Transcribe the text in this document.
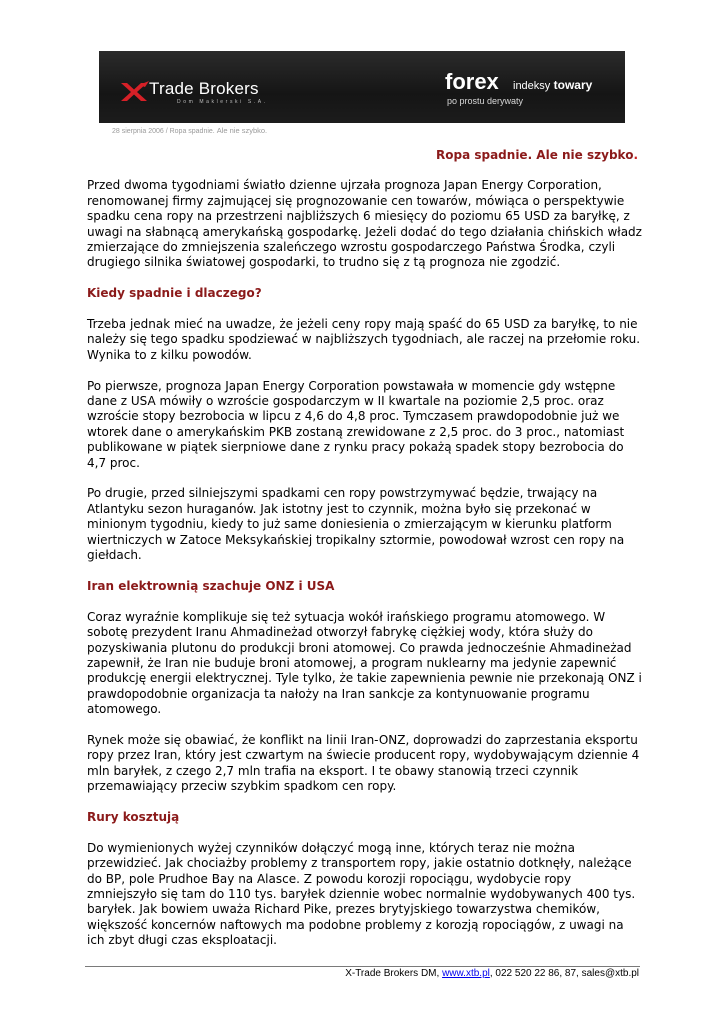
Trade Brokers
Dom Maklerski S.A.
forex indeksy towary
po prostu derywaty
28 sierpnia 2006 / Ropa spadnie. Ale nie szybko.
Ropa spadnie. Ale nie szybko.

Przed dwoma tygodniami światło dzienne ujrzała prognoza Japan Energy Corporation, renomowanej firmy zajmującej się prognozowanie cen towarów, mówiąca o perspektywie spadku cena ropy na przestrzeni najbliższych 6 miesięcy do poziomu 65 USD za baryłkę, z uwagi na słabnącą amerykańską gospodarkę. Jeżeli dodać do tego działania chińskich władz zmierzające do zmniejszenia szaleńczego wzrostu gospodarczego Państwa Środka, czyli drugiego silnika światowej gospodarki, to trudno się z tą prognoza nie zgodzić.

Kiedy spadnie i dlaczego?

Trzeba jednak mieć na uwadze, że jeżeli ceny ropy mają spaść do 65 USD za baryłkę, to nie należy się tego spadku spodziewać w najbliższych tygodniach, ale raczej na przełomie roku. Wynika to z kilku powodów.

Po pierwsze, prognoza Japan Energy Corporation powstawała w momencie gdy wstępne dane z USA mówiły o wzroście gospodarczym w II kwartale na poziomie 2,5 proc. oraz wzroście stopy bezrobocia w lipcu z 4,6 do 4,8 proc. Tymczasem prawdopodobnie już we wtorek dane o amerykańskim PKB zostaną zrewidowane z 2,5 proc. do 3 proc., natomiast publikowane w piątek sierpniowe dane z rynku pracy pokażą spadek stopy bezrobocia do 4,7 proc.

Po drugie, przed silniejszymi spadkami cen ropy powstrzymywać będzie, trwający na Atlantyku sezon huraganów. Jak istotny jest to czynnik, można było się przekonać w minionym tygodniu, kiedy to już same doniesienia o zmierzającym w kierunku platform wiertniczych w Zatoce Meksykańskiej tropikalny sztormie, powodował wzrost cen ropy na giełdach.

Iran elektrownią szachuje ONZ i USA

Coraz wyraźnie komplikuje się też sytuacja wokół irańskiego programu atomowego. W sobotę prezydent Iranu Ahmadineżad otworzył fabrykę ciężkiej wody, która służy do pozyskiwania plutonu do produkcji broni atomowej. Co prawda jednocześnie Ahmadineżad zapewnił, że Iran nie buduje broni atomowej, a program nuklearny ma jedynie zapewnić produkcję energii elektrycznej. Tyle tylko, że takie zapewnienia pewnie nie przekonają ONZ i prawdopodobnie organizacja ta nałoży na Iran sankcje za kontynuowanie programu atomowego.

Rynek może się obawiać, że konflikt na linii Iran-ONZ, doprowadzi do zaprzestania eksportu ropy przez Iran, który jest czwartym na świecie producent ropy, wydobywającym dziennie 4 mln baryłek, z czego 2,7 mln trafia na eksport. I te obawy stanowią trzeci czynnik przemawiający przeciw szybkim spadkom cen ropy.

Rury kosztują

Do wymienionych wyżej czynników dołączyć mogą inne, których teraz nie można przewidzieć. Jak chociażby problemy z transportem ropy, jakie ostatnio dotknęły, należące do BP, pole Prudhoe Bay na Alasce. Z powodu korozji ropociągu, wydobycie ropy zmniejszyło się tam do 110 tys. baryłek dziennie wobec normalnie wydobywanych 400 tys. baryłek. Jak bowiem uważa Richard Pike, prezes brytyjskiego towarzystwa chemików, większość koncernów naftowych ma podobne problemy z korozją ropociągów, z uwagi na ich zbyt długi czas eksploatacji.

X-Trade Brokers DM, www.xtb.pl, 022 520 22 86, 87, sales@xtb.pl
